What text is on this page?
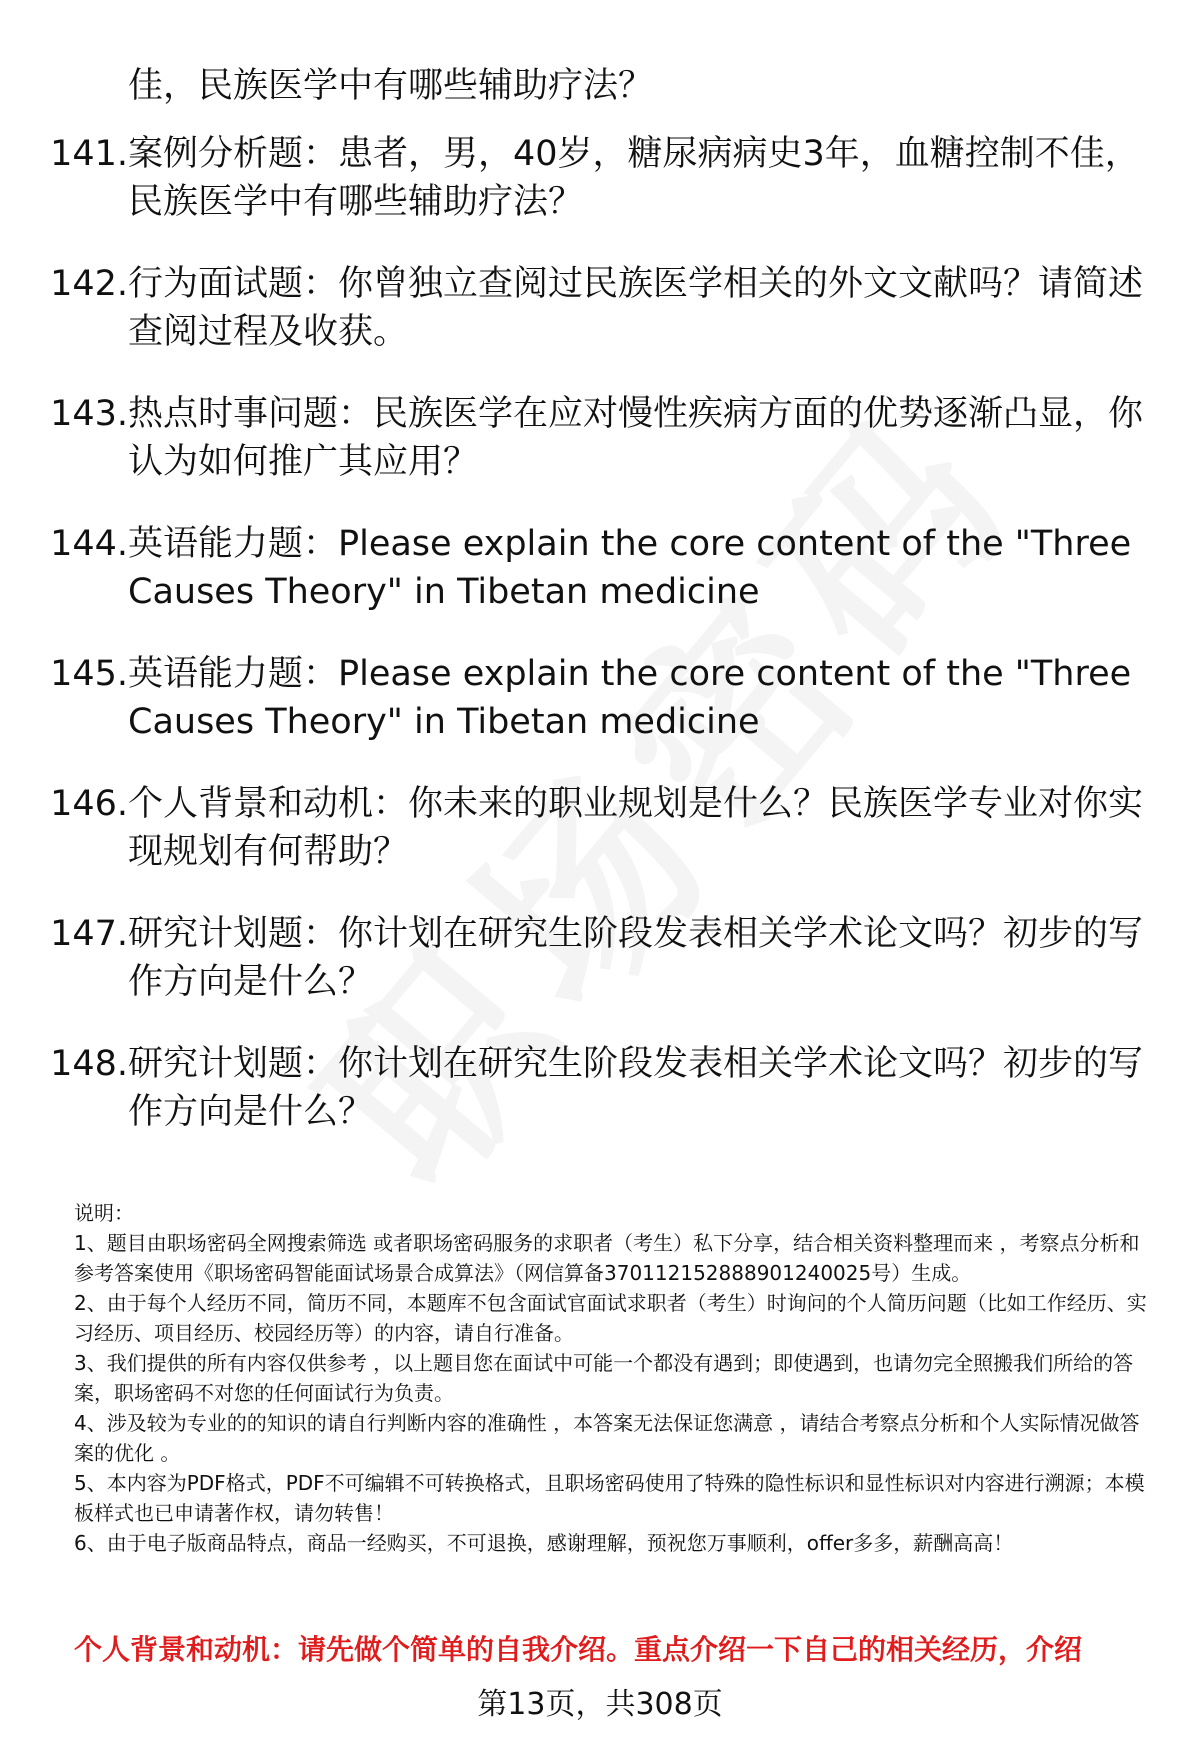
佳，民族医学中有哪些辅助疗法？
141. 案例分析题：患者，男，40岁，糖尿病病史3年，血糖控制不佳，民族医学中有哪些辅助疗法？
142. 行为面试题：你曾独立查阅过民族医学相关的外文文献吗？请简述查阅过程及收获。
143. 热点时事问题：民族医学在应对慢性疾病方面的优势逐渐凸显，你认为如何推广其应用？
144. 英语能力题：Please explain the core content of the "Three Causes Theory" in Tibetan medicine
145. 英语能力题：Please explain the core content of the "Three Causes Theory" in Tibetan medicine
146. 个人背景和动机：你未来的职业规划是什么？民族医学专业对你实现规划有何帮助？
147. 研究计划题：你计划在研究生阶段发表相关学术论文吗？初步的写作方向是什么？
148. 研究计划题：你计划在研究生阶段发表相关学术论文吗？初步的写作方向是什么？

说明：

1、题目由职场密码全网搜索筛选 或者职场密码服务的求职者（考生）私下分享，结合相关资料整理而来 ，考察点分析和参考答案使用《职场密码智能面试场景合成算法》（网信算备370112152888901240025号）生成。

2、由于每个人经历不同，简历不同，本题库不包含面试官面试求职者（考生）时询问的个人简历问题（比如工作经历、实习经历、项目经历、校园经历等）的内容，请自行准备。

3、我们提供的所有内容仅供参考 ，以上题目您在面试中可能一个都没有遇到；即使遇到，也请勿完全照搬我们所给的答案，职场密码不对您的任何面试行为负责。

4、涉及较为专业的的知识的请自行判断内容的准确性 ，本答案无法保证您满意 ，请结合考察点分析和个人实际情况做答案的优化 。

5、本内容为PDF格式，PDF不可编辑不可转换格式，且职场密码使用了特殊的隐性标识和显性标识对内容进行溯源；本模板样式也已申请著作权，请勿转售！

6、由于电子版商品特点，商品一经购买，不可退换，感谢理解，预祝您万事顺利，offer多多，薪酬高高！

个人背景和动机：请先做个简单的自我介绍。重点介绍一下自己的相关经历，介绍
第13页，共308页
